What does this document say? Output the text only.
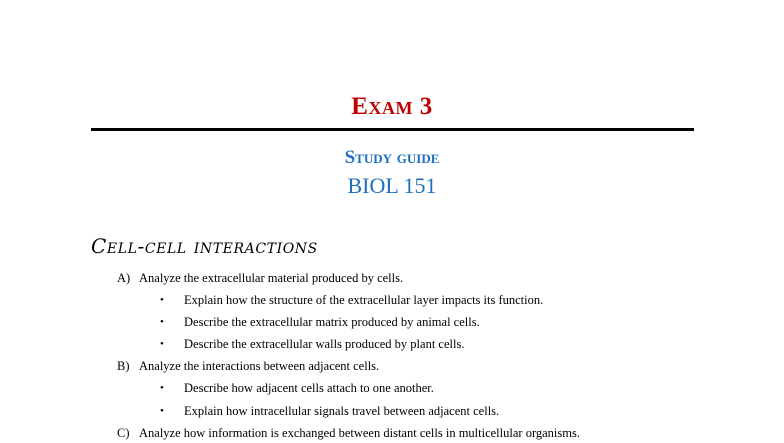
Exam 3
Study guide
BIOL 151
Cell-cell interactions
A) Analyze the extracellular material produced by cells.
• Explain how the structure of the extracellular layer impacts its function.
• Describe the extracellular matrix produced by animal cells.
• Describe the extracellular walls produced by plant cells.
B) Analyze the interactions between adjacent cells.
• Describe how adjacent cells attach to one another.
• Explain how intracellular signals travel between adjacent cells.
C) Analyze how information is exchanged between distant cells in multicellular organisms.
